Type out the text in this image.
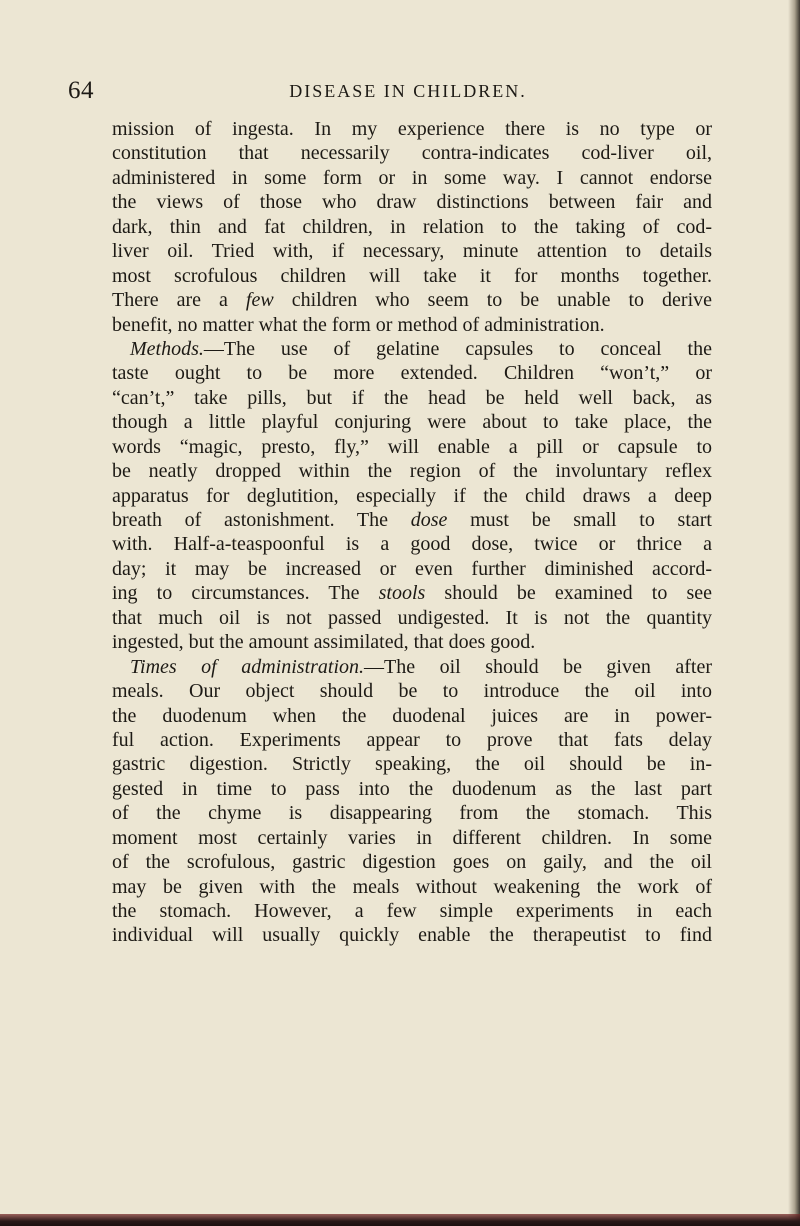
64	DISEASE IN CHILDREN.
mission of ingesta. In my experience there is no type or
constitution that necessarily contra-indicates cod-liver oil,
administered in some form or in some way. I cannot endorse
the views of those who draw distinctions between fair and
dark, thin and fat children, in relation to the taking of cod-
liver oil. Tried with, if necessary, minute attention to details
most scrofulous children will take it for months together.
There are a few children who seem to be unable to derive
benefit, no matter what the form or method of administration.
Methods.—The use of gelatine capsules to conceal the
taste ought to be more extended. Children “won’t,” or
“can’t,” take pills, but if the head be held well back, as
though a little playful conjuring were about to take place, the
words “magic, presto, fly,” will enable a pill or capsule to
be neatly dropped within the region of the involuntary reflex
apparatus for deglutition, especially if the child draws a deep
breath of astonishment. The dose must be small to start
with. Half-a-teaspoonful is a good dose, twice or thrice a
day; it may be increased or even further diminished accord-
ing to circumstances. The stools should be examined to see
that much oil is not passed undigested. It is not the quantity
ingested, but the amount assimilated, that does good.
Times of administration.—The oil should be given after
meals. Our object should be to introduce the oil into
the duodenum when the duodenal juices are in power-
ful action. Experiments appear to prove that fats delay
gastric digestion. Strictly speaking, the oil should be in-
gested in time to pass into the duodenum as the last part
of the chyme is disappearing from the stomach. This
moment most certainly varies in different children. In some
of the scrofulous, gastric digestion goes on gaily, and the oil
may be given with the meals without weakening the work of
the stomach. However, a few simple experiments in each
individual will usually quickly enable the therapeutist to find
